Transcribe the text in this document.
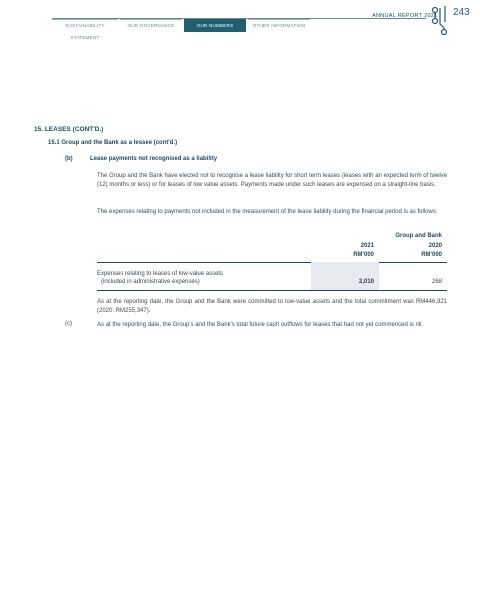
ANNUAL REPORT 2021
SUSTAINABILITY STATEMENT
OUR GOVERNANCE	OUR NUMBERS	OTHER INFORMATION
243
15. LEASES (CONT'D.)
15.1 Group and the Bank as a lessee (cont'd.)
(b)	Lease payments not recognised as a liability
The Group and the Bank have elected not to recognise a lease liability for short term leases (leases with an expected term of twelve (12) months or less) or for leases of low value assets. Payments made under such leases are expensed on a straight-line basis.
The expenses relating to payments not included in the measurement of the lease liability during the financial period is as follows:
Group and Bank
2021	2020
RM'000	RM'000
Expenses relating to leases of low-value assets
(included in administrative expenses)	2,010	268
As at the reporting date, the Group and the Bank were committed to low-value assets and the total commitment was RM446,921 (2020: RM255,347).
(c)	As at the reporting date, the Group's and the Bank's total future cash outflows for leases that had not yet commenced is nil.
